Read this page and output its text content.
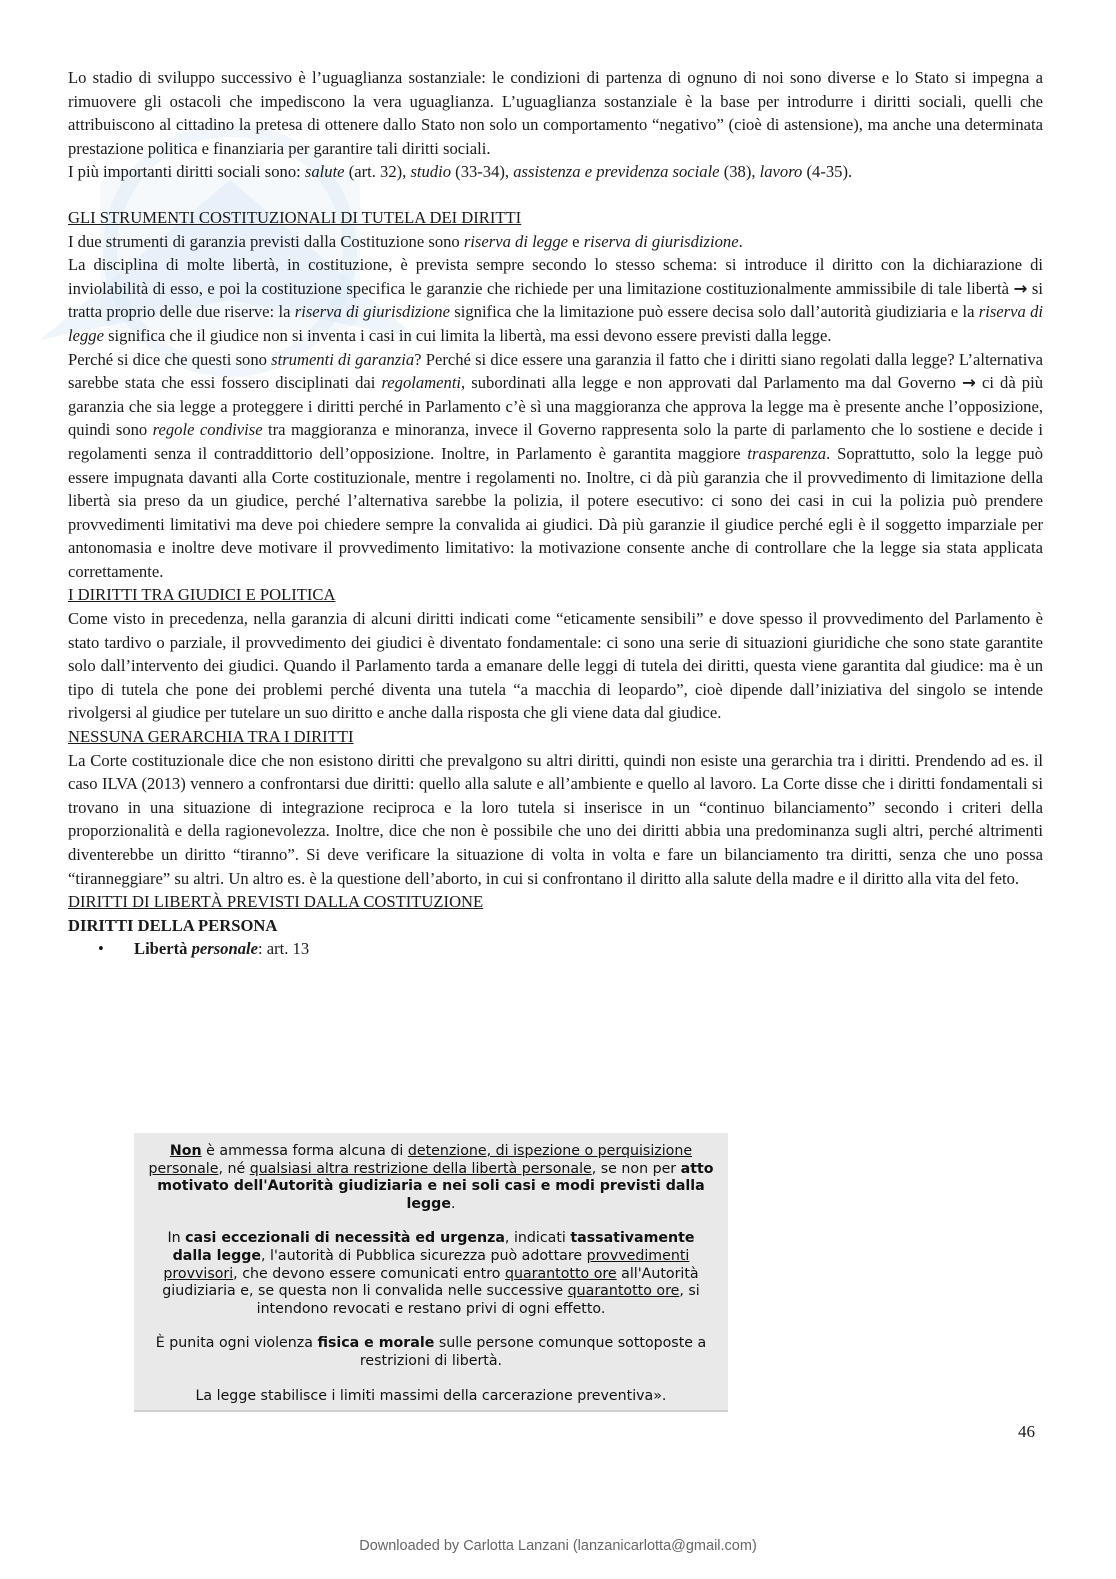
Lo stadio di sviluppo successivo è l’uguaglianza sostanziale: le condizioni di partenza di ognuno di noi sono diverse e lo Stato si impegna a rimuovere gli ostacoli che impediscono la vera uguaglianza. L’uguaglianza sostanziale è la base per introdurre i diritti sociali, quelli che attribuiscono al cittadino la pretesa di ottenere dallo Stato non solo un comportamento “negativo” (cioè di astensione), ma anche una determinata prestazione politica e finanziaria per garantire tali diritti sociali.

I più importanti diritti sociali sono: salute (art. 32), studio (33-34), assistenza e previdenza sociale (38), lavoro (4-35).

GLI STRUMENTI COSTITUZIONALI DI TUTELA DEI DIRITTI

I due strumenti di garanzia previsti dalla Costituzione sono riserva di legge e riserva di giurisdizione.

La disciplina di molte libertà, in costituzione, è prevista sempre secondo lo stesso schema: si introduce il diritto con la dichiarazione di inviolabilità di esso, e poi la costituzione specifica le garanzie che richiede per una limitazione costituzionalmente ammissibile di tale libertà → si tratta proprio delle due riserve: la riserva di giurisdizione significa che la limitazione può essere decisa solo dall’autorità giudiziaria e la riserva di legge significa che il giudice non si inventa i casi in cui limita la libertà, ma essi devono essere previsti dalla legge.

Perché si dice che questi sono strumenti di garanzia? Perché si dice essere una garanzia il fatto che i diritti siano regolati dalla legge? L’alternativa sarebbe stata che essi fossero disciplinati dai regolamenti, subordinati alla legge e non approvati dal Parlamento ma dal Governo → ci dà più garanzia che sia legge a proteggere i diritti perché in Parlamento c’è sì una maggioranza che approva la legge ma è presente anche l’opposizione, quindi sono regole condivise tra maggioranza e minoranza, invece il Governo rappresenta solo la parte di parlamento che lo sostiene e decide i regolamenti senza il contraddittorio dell’opposizione. Inoltre, in Parlamento è garantita maggiore trasparenza. Soprattutto, solo la legge può essere impugnata davanti alla Corte costituzionale, mentre i regolamenti no. Inoltre, ci dà più garanzia che il provvedimento di limitazione della libertà sia preso da un giudice, perché l’alternativa sarebbe la polizia, il potere esecutivo: ci sono dei casi in cui la polizia può prendere provvedimenti limitativi ma deve poi chiedere sempre la convalida ai giudici. Dà più garanzie il giudice perché egli è il soggetto imparziale per antonomasia e inoltre deve motivare il provvedimento limitativo: la motivazione consente anche di controllare che la legge sia stata applicata correttamente.

I DIRITTI TRA GIUDICI E POLITICA

Come visto in precedenza, nella garanzia di alcuni diritti indicati come “eticamente sensibili” e dove spesso il provvedimento del Parlamento è stato tardivo o parziale, il provvedimento dei giudici è diventato fondamentale: ci sono una serie di situazioni giuridiche che sono state garantite solo dall’intervento dei giudici. Quando il Parlamento tarda a emanare delle leggi di tutela dei diritti, questa viene garantita dal giudice: ma è un tipo di tutela che pone dei problemi perché diventa una tutela “a macchia di leopardo”, cioè dipende dall’iniziativa del singolo se intende rivolgersi al giudice per tutelare un suo diritto e anche dalla risposta che gli viene data dal giudice.

NESSUNA GERARCHIA TRA I DIRITTI

La Corte costituzionale dice che non esistono diritti che prevalgono su altri diritti, quindi non esiste una gerarchia tra i diritti. Prendendo ad es. il caso ILVA (2013) vennero a confrontarsi due diritti: quello alla salute e all’ambiente e quello al lavoro. La Corte disse che i diritti fondamentali si trovano in una situazione di integrazione reciproca e la loro tutela si inserisce in un “continuo bilanciamento” secondo i criteri della proporzionalità e della ragionevolezza. Inoltre, dice che non è possibile che uno dei diritti abbia una predominanza sugli altri, perché altrimenti diventerebbe un diritto “tiranno”. Si deve verificare la situazione di volta in volta e fare un bilanciamento tra diritti, senza che uno possa “tiranneggiare” su altri. Un altro es. è la questione dell’aborto, in cui si confrontano il diritto alla salute della madre e il diritto alla vita del feto.

DIRITTI DI LIBERTÀ PREVISTI DALLA COSTITUZIONE

DIRITTI DELLA PERSONA

• Libertà personale: art. 13

Non è ammessa forma alcuna di detenzione, di ispezione o perquisizione personale, né qualsiasi altra restrizione della libertà personale, se non per atto motivato dell'Autorità giudiziaria e nei soli casi e modi previsti dalla legge.

In casi eccezionali di necessità ed urgenza, indicati tassativamente dalla legge, l'autorità di Pubblica sicurezza può adottare provvedimenti provvisori, che devono essere comunicati entro quarantotto ore all'Autorità giudiziaria e, se questa non li convalida nelle successive quarantotto ore, si intendono revocati e restano privi di ogni effetto.

È punita ogni violenza fisica e morale sulle persone comunque sottoposte a restrizioni di libertà.

La legge stabilisce i limiti massimi della carcerazione preventiva».

46
Downloaded by Carlotta Lanzani (lanzanicarlotta@gmail.com)
